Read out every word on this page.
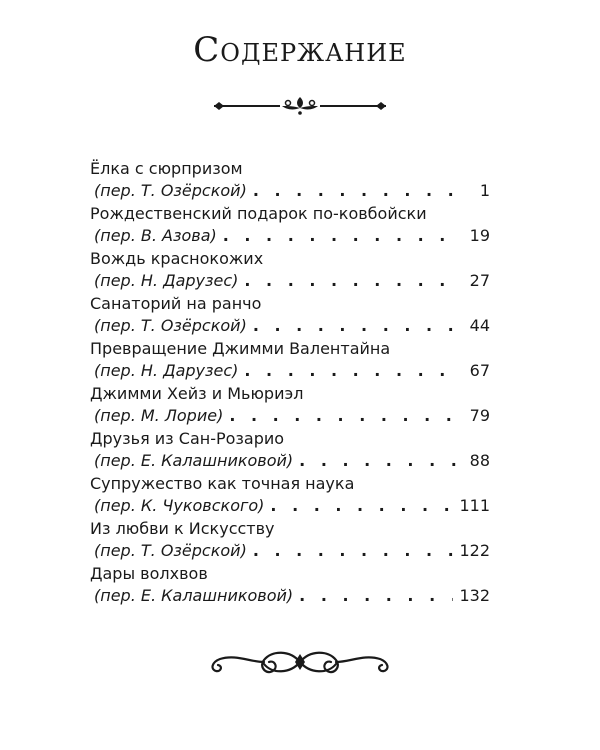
Содержание
Ёлка с сюрпризом
(пер. Т. Озёрской) . . .	1
Рождественский подарок по-ковбойски
(пер. В. Азова) . . .	19
Вождь краснокожих
(пер. Н. Дарузес) . . .	27
Санаторий на ранчо
(пер. Т. Озёрской) . . .	44
Превращение Джимми Валентайна
(пер. Н. Дарузес) . . .	67
Джимми Хейз и Мьюриэл
(пер. М. Лорие) . . .	79
Друзья из Сан-Розарио
(пер. Е. Калашниковой) . . .	88
Супружество как точная наука
(пер. К. Чуковского) . . .	111
Из любви к Искусству
(пер. Т. Озёрской) . . .	122
Дары волхвов
(пер. Е. Калашниковой) . . .	132
